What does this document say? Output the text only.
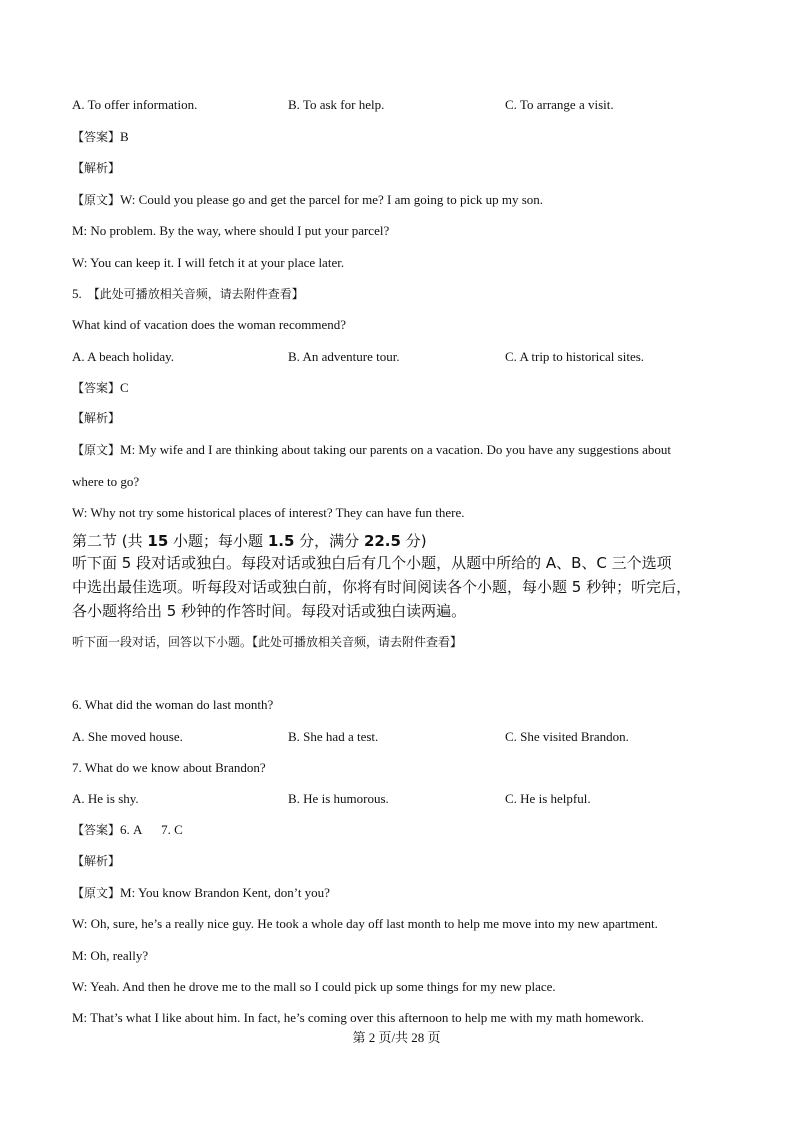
A. To offer information.	B. To ask for help.	C. To arrange a visit.
【答案】B
【解析】
【原文】W: Could you please go and get the parcel for me? I am going to pick up my son.
M: No problem. By the way, where should I put your parcel?
W: You can keep it. I will fetch it at your place later.
5. 【此处可播放相关音频，请去附件查看】
What kind of vacation does the woman recommend?
A. A beach holiday.	B. An adventure tour.	C. A trip to historical sites.
【答案】C
【解析】
【原文】M: My wife and I are thinking about taking our parents on a vacation. Do you have any suggestions about
where to go?
W: Why not try some historical places of interest? They can have fun there.
第二节 (共 15 小题；每小题 1.5 分，满分 22.5 分)
听下面 5 段对话或独白。每段对话或独白后有几个小题，从题中所给的 A、B、C 三个选项
中选出最佳选项。听每段对话或独白前，你将有时间阅读各个小题，每小题 5 秒钟；听完后，
各小题将给出 5 秒钟的作答时间。每段对话或独白读两遍。
听下面一段对话，回答以下小题。【此处可播放相关音频，请去附件查看】
6. What did the woman do last month?
A. She moved house.	B. She had a test.	C. She visited Brandon.
7. What do we know about Brandon?
A. He is shy.	B. He is humorous.	C. He is helpful.
【答案】6. A      7. C
【解析】
【原文】M: You know Brandon Kent, don’t you?
W: Oh, sure, he’s a really nice guy. He took a whole day off last month to help me move into my new apartment.
M: Oh, really?
W: Yeah. And then he drove me to the mall so I could pick up some things for my new place.
M: That’s what I like about him. In fact, he’s coming over this afternoon to help me with my math homework.
第 2 页/共 28 页
